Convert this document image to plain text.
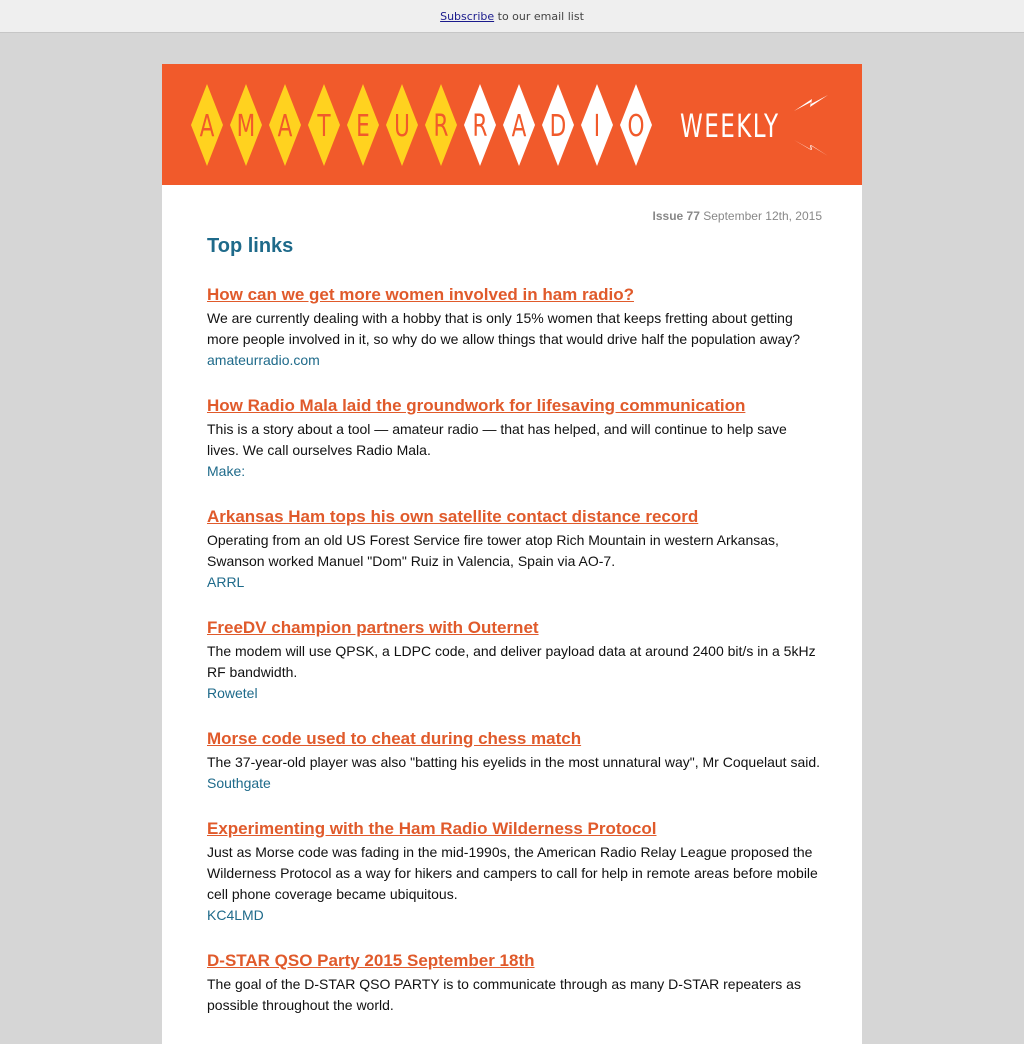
Subscribe to our email list
A M A T E U R R A D I O WEEKLY
Issue 77 September 12th, 2015
Top links
How can we get more women involved in ham radio?

We are currently dealing with a hobby that is only 15% women that keeps fretting about getting more people involved in it, so why do we allow things that would drive half the population away?

amateurradio.com
How Radio Mala laid the groundwork for lifesaving communication

This is a story about a tool — amateur radio — that has helped, and will continue to help save lives. We call ourselves Radio Mala.

Make:
Arkansas Ham tops his own satellite contact distance record

Operating from an old US Forest Service fire tower atop Rich Mountain in western Arkansas, Swanson worked Manuel "Dom" Ruiz in Valencia, Spain via AO-7.

ARRL
FreeDV champion partners with Outernet

The modem will use QPSK, a LDPC code, and deliver payload data at around 2400 bit/s in a 5kHz RF bandwidth.

Rowetel
Morse code used to cheat during chess match

The 37-year-old player was also "batting his eyelids in the most unnatural way", Mr Coquelaut said.

Southgate
Experimenting with the Ham Radio Wilderness Protocol

Just as Morse code was fading in the mid-1990s, the American Radio Relay League proposed the Wilderness Protocol as a way for hikers and campers to call for help in remote areas before mobile cell phone coverage became ubiquitous.

KC4LMD
D-STAR QSO Party 2015 September 18th

The goal of the D-STAR QSO PARTY is to communicate through as many D-STAR repeaters as possible throughout the world.
